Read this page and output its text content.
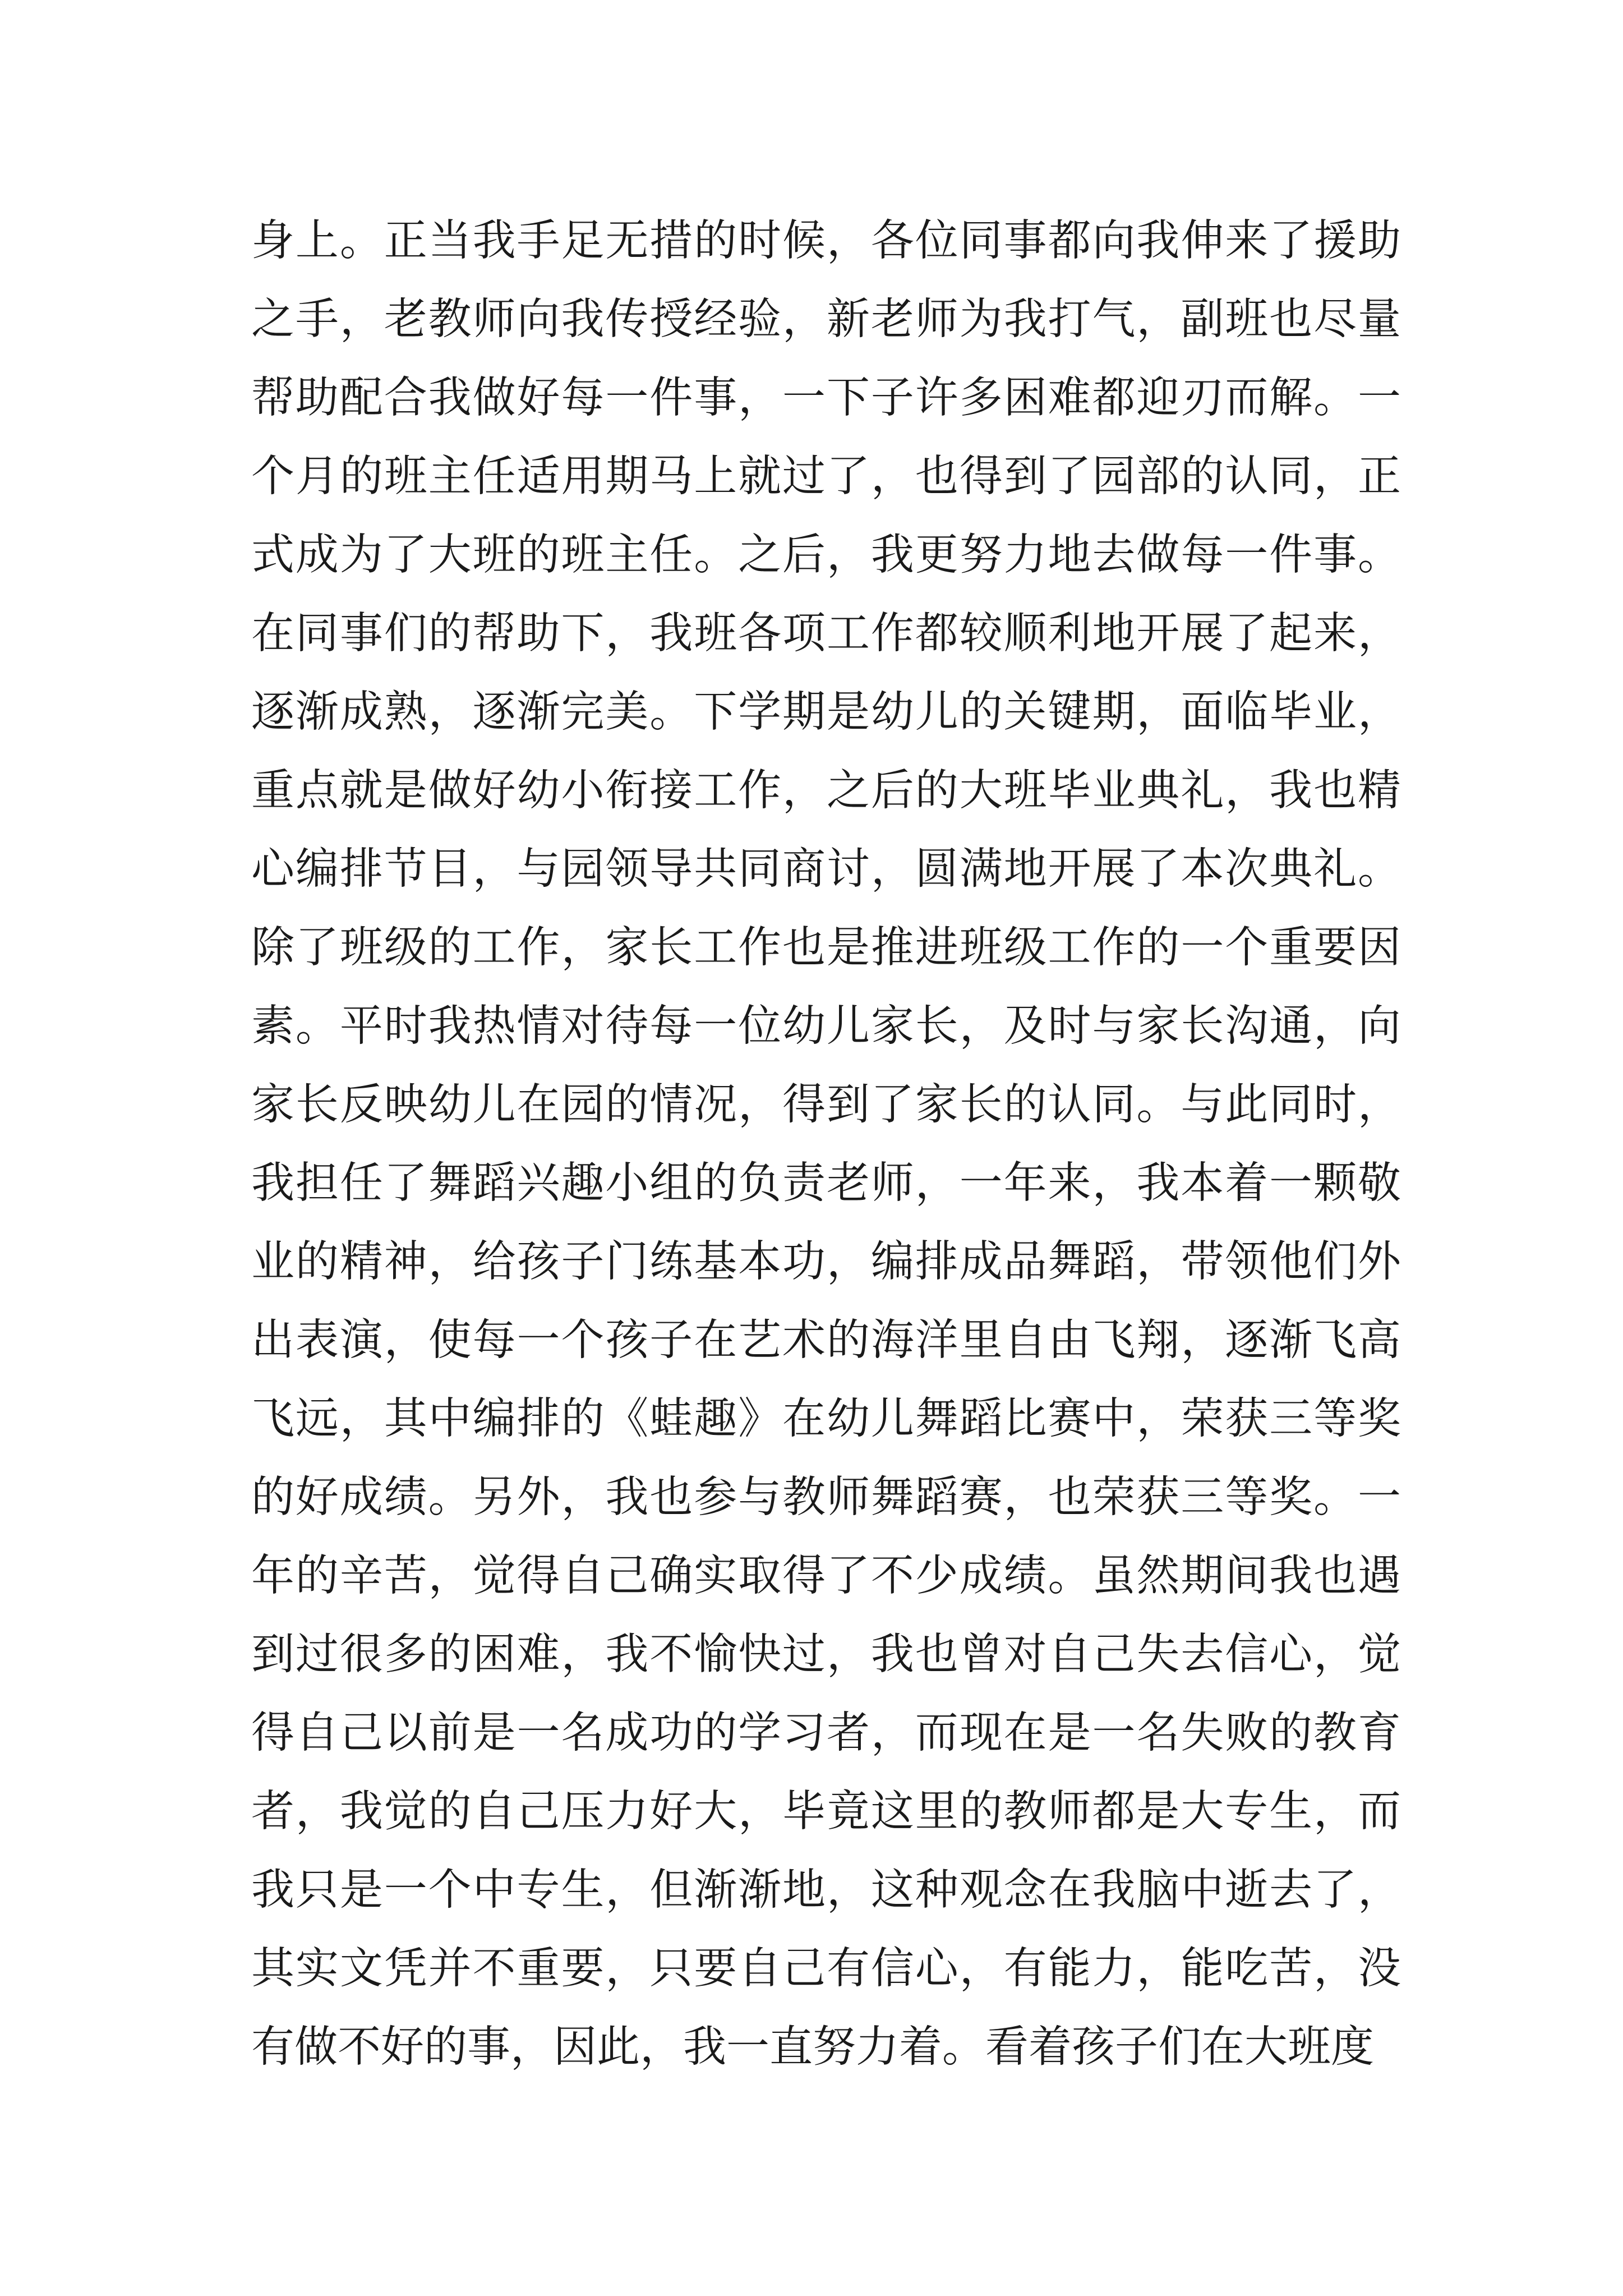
身上。正当我手足无措的时候，各位同事都向我伸来了援助
之手，老教师向我传授经验，新老师为我打气，副班也尽量
帮助配合我做好每一件事，一下子许多困难都迎刃而解。一
个月的班主任适用期马上就过了，也得到了园部的认同，正
式成为了大班的班主任。之后，我更努力地去做每一件事。
在同事们的帮助下，我班各项工作都较顺利地开展了起来，
逐渐成熟，逐渐完美。下学期是幼儿的关键期，面临毕业，
重点就是做好幼小衔接工作，之后的大班毕业典礼，我也精
心编排节目，与园领导共同商讨，圆满地开展了本次典礼。
除了班级的工作，家长工作也是推进班级工作的一个重要因
素。平时我热情对待每一位幼儿家长，及时与家长沟通，向
家长反映幼儿在园的情况，得到了家长的认同。与此同时，
我担任了舞蹈兴趣小组的负责老师，一年来，我本着一颗敬
业的精神，给孩子门练基本功，编排成品舞蹈，带领他们外
出表演，使每一个孩子在艺术的海洋里自由飞翔，逐渐飞高
飞远，其中编排的《蛙趣》在幼儿舞蹈比赛中，荣获三等奖
的好成绩。另外，我也参与教师舞蹈赛，也荣获三等奖。一
年的辛苦，觉得自己确实取得了不少成绩。虽然期间我也遇
到过很多的困难，我不愉快过，我也曾对自己失去信心，觉
得自己以前是一名成功的学习者，而现在是一名失败的教育
者，我觉的自己压力好大，毕竟这里的教师都是大专生，而
我只是一个中专生，但渐渐地，这种观念在我脑中逝去了，
其实文凭并不重要，只要自己有信心，有能力，能吃苦，没
有做不好的事，因此，我一直努力着。看着孩子们在大班度
